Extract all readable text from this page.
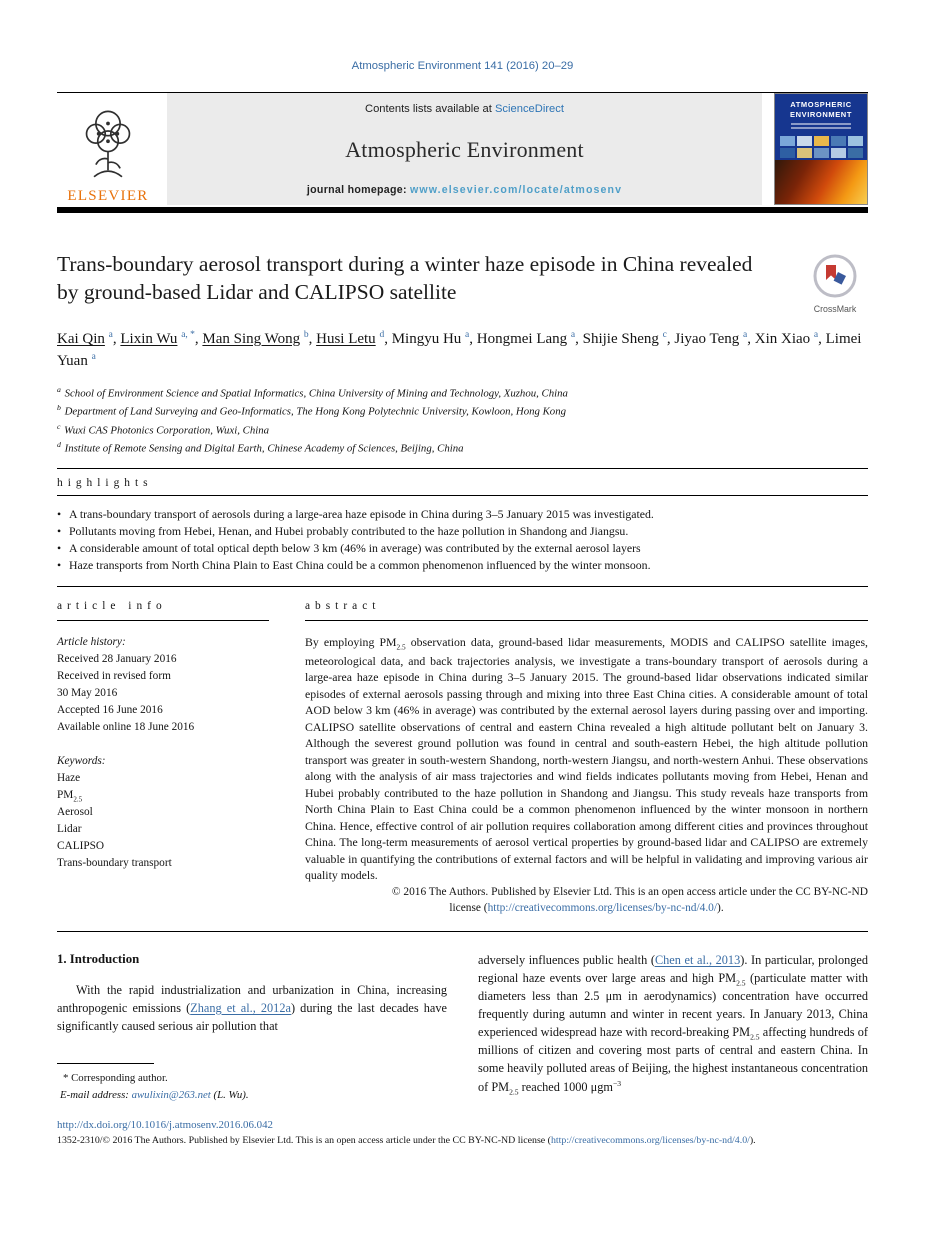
Atmospheric Environment 141 (2016) 20–29
ELSEVIER
Contents lists available at ScienceDirect
Atmospheric Environment
journal homepage: www.elsevier.com/locate/atmosenv
ATMOSPHERIC
ENVIRONMENT
Trans-boundary aerosol transport during a winter haze episode in China revealed by ground-based Lidar and CALIPSO satellite
CrossMark
Kai Qin $^a$, Lixin Wu $^{a, *}$, Man Sing Wong $^b$, Husi Letu $^d$, Mingyu Hu $^a$, Hongmei Lang $^a$, Shijie Sheng $^c$, Jiyao Teng $^a$, Xin Xiao $^a$, Limei Yuan $^a$
$^a$ School of Environment Science and Spatial Informatics, China University of Mining and Technology, Xuzhou, China
$^b$ Department of Land Surveying and Geo-Informatics, The Hong Kong Polytechnic University, Kowloon, Hong Kong
$^c$ Wuxi CAS Photonics Corporation, Wuxi, China
$^d$ Institute of Remote Sensing and Digital Earth, Chinese Academy of Sciences, Beijing, China
highlights
• A trans-boundary transport of aerosols during a large-area haze episode in China during 3–5 January 2015 was investigated.
• Pollutants moving from Hebei, Henan, and Hubei probably contributed to the haze pollution in Shandong and Jiangsu.
• A considerable amount of total optical depth below 3 km (46% in average) was contributed by the external aerosol layers
• Haze transports from North China Plain to East China could be a common phenomenon influenced by the winter monsoon.
article info
Article history:
Received 28 January 2016
Received in revised form
30 May 2016
Accepted 16 June 2016
Available online 18 June 2016
Keywords:
Haze
$PM_{2.5}$
Aerosol
Lidar
CALIPSO
Trans-boundary transport
abstract
By employing $PM_{2.5}$ observation data, ground-based lidar measurements, MODIS and CALIPSO satellite images, meteorological data, and back trajectories analysis, we investigate a trans-boundary transport of aerosols during a large-area haze episode in China during 3–5 January 2015. The ground-based lidar observations indicated similar episodes of external aerosols passing through and mixing into three East China cities. A considerable amount of total AOD below 3 km (46% in average) was contributed by the external aerosol layers during passing over and importing. CALIPSO satellite observations of central and eastern China revealed a high altitude pollutant belt on January 3. Although the severest ground pollution was found in central and south-eastern Hebei, the high altitude pollution transport was greater in south-western Shandong, north-western Jiangsu, and north-western Anhui. These observations along with the analysis of air mass trajectories and wind fields indicates pollutants moving from Hebei, Henan and Hubei probably contributed to the haze pollution in Shandong and Jiangsu. This study reveals haze transports from North China Plain to East China could be a common phenomenon influenced by the winter monsoon in northern China. Hence, effective control of air pollution requires collaboration among different cities and provinces throughout China. The long-term measurements of aerosol vertical properties by ground-based lidar and CALIPSO are extremely valuable in quantifying the contributions of external factors and will be helpful in validating and improving various air quality models.
© 2016 The Authors. Published by Elsevier Ltd. This is an open access article under the CC BY-NC-ND
license (http://creativecommons.org/licenses/by-nc-nd/4.0/).
1. Introduction

With the rapid industrialization and urbanization in China, increasing anthropogenic emissions (Zhang et al., 2012a) during the last decades have significantly caused serious air pollution that

* Corresponding author.
E-mail address: awulixin@263.net (L. Wu).

adversely influences public health (Chen et al., 2013). In particular, prolonged regional haze events over large areas and high $PM_{2.5}$ (particulate matter with diameters less than 2.5 μm in aerodynamics) concentration have occurred frequently during autumn and winter in recent years. In January 2013, China experienced widespread haze with record-breaking $PM_{2.5}$ affecting hundreds of millions of citizen and covering most parts of central and eastern China. In some heavily polluted areas of Beijing, the highest instantaneous concentration of $PM_{2.5}$ reached 1000 μgm$^{-3}$

http://dx.doi.org/10.1016/j.atmosenv.2016.06.042
1352-2310/© 2016 The Authors. Published by Elsevier Ltd. This is an open access article under the CC BY-NC-ND license (http://creativecommons.org/licenses/by-nc-nd/4.0/).
